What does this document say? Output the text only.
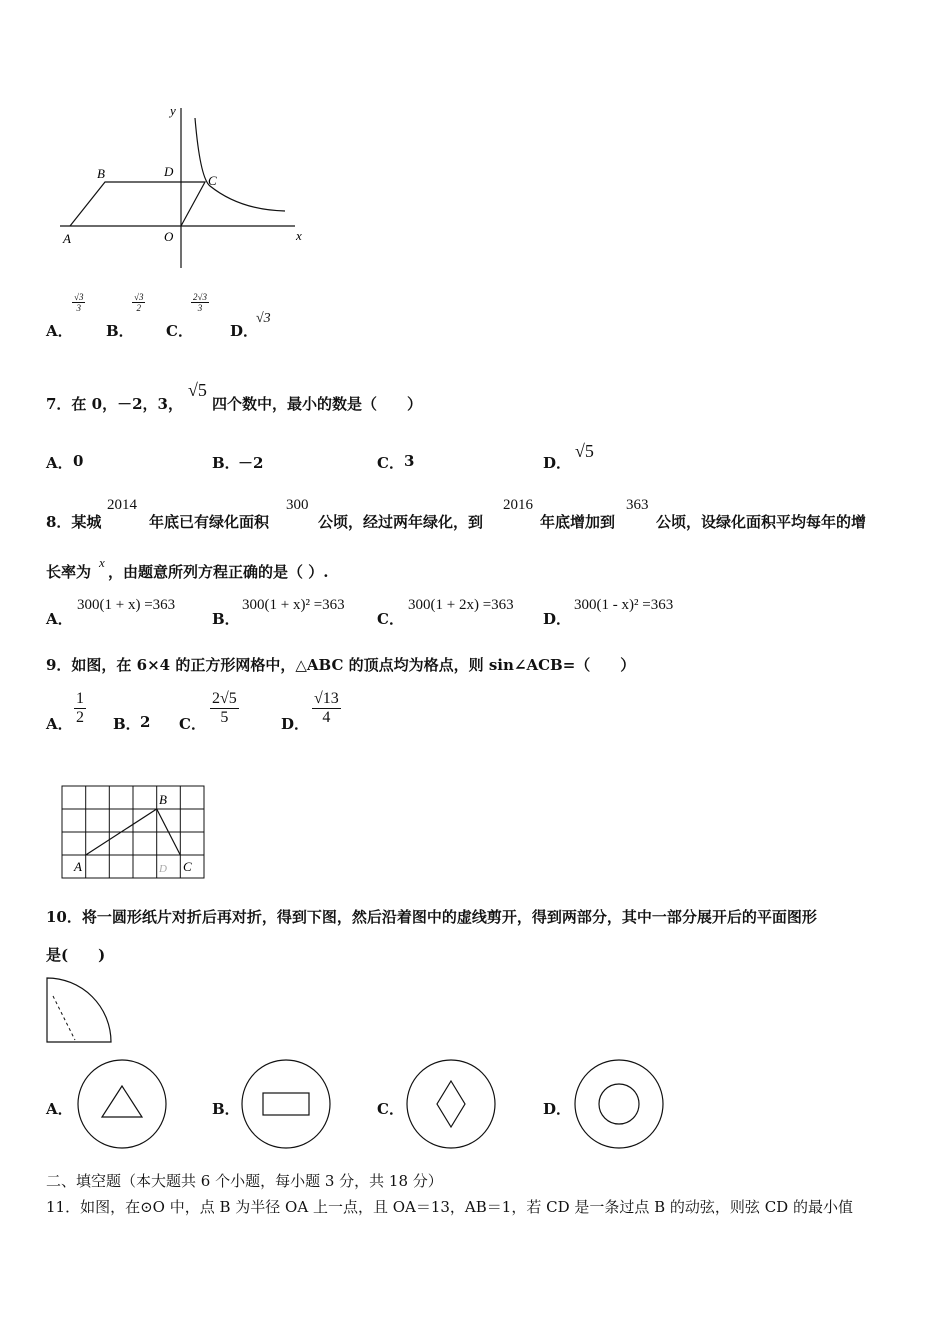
y
x
A
B	C
D
O
A．
$\frac{√3}{3}$
B．
$\frac{√3}{2}$
C．
$\frac{2√3}{3}$
D．
√3
7．在 0，－2，3，
√5
四个数中，最小的数是（　　）
A． 0	B．
－2	C． 3	D．
√5
8．某城
2014
年底已有绿化面积
300
公顷，经过两年绿化，到
2016
年底增加到
363
公顷，设绿化面积平均每年的增
长率为
x
，由题意所列方程正确的是（ ）.
A．
300(1 + x) =363
B．
300(1 + x)² =363
C．
300(1 + 2x) =363
D．
300(1 - x)² =363
9．如图，在 6×4 的正方形网格中，△ABC 的顶点均为格点，则 sin∠ACB=（　　）
A． $\frac{1}{2}$ B． 2 C． $\frac{2√5}{5}$	D． $\frac{√13}{4}$
A
B
C
D
10．将一圆形纸片对折后再对折，得到下图，然后沿着图中的虚线剪开，得到两部分，其中一部分展开后的平面图形
是(　　)
A．	B．	C．	D．
二、填空题（本大题共 6 个小题，每小题 3 分，共 18 分）
11．如图，在⊙O 中，点 B 为半径 OA 上一点，且 OA＝13，AB＝1，若 CD 是一条过点 B 的动弦，则弦 CD 的最小值
